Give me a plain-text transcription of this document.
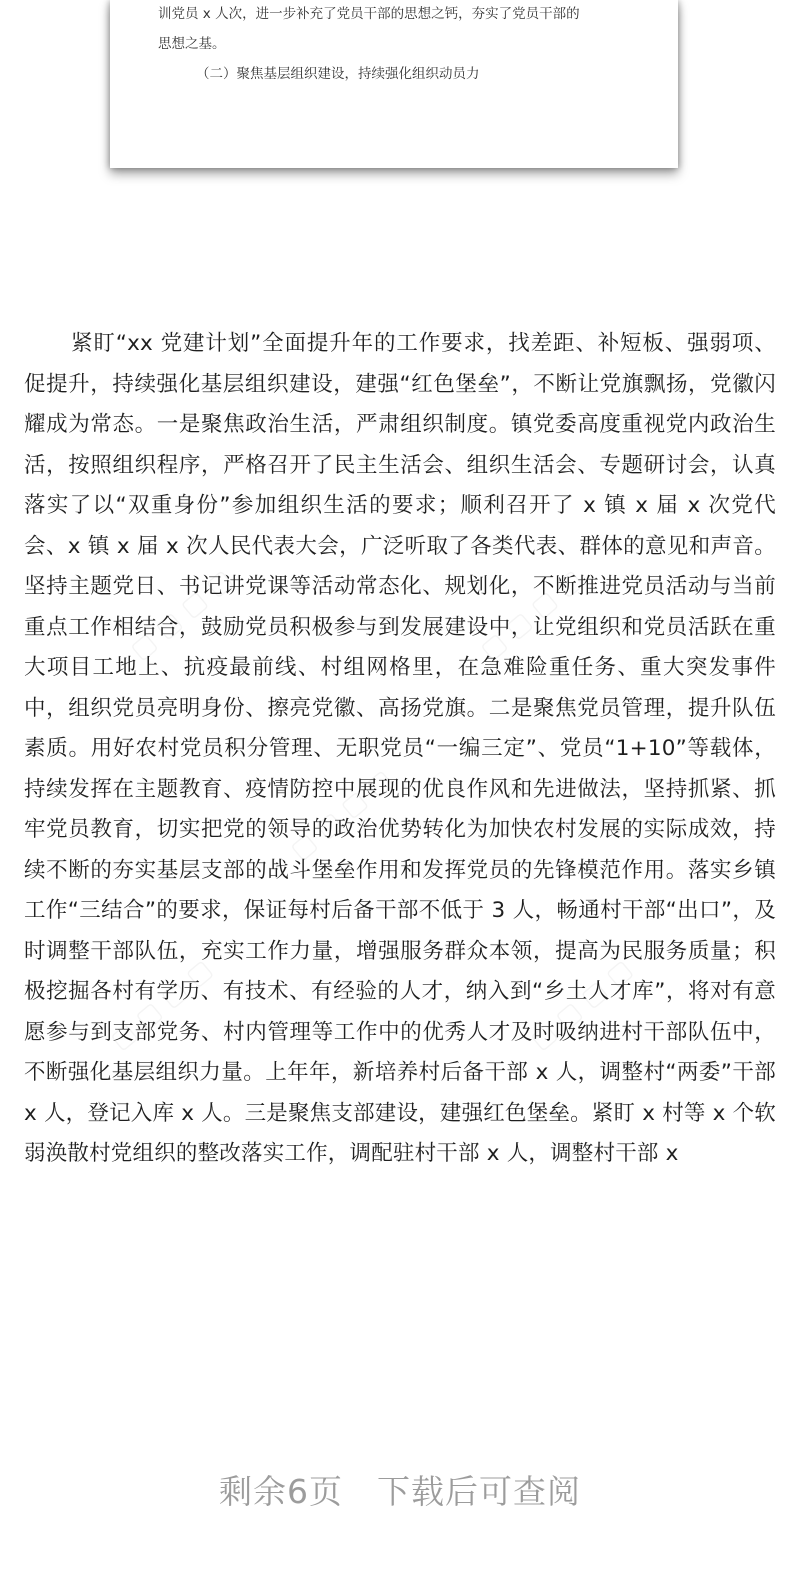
训党员 x 人次，进一步补充了党员干部的思想之钙，夯实了党员干部的
思想之基。
（二）聚焦基层组织建设，持续强化组织动员力

紧盯“xx 党建计划”全面提升年的工作要求，找差距、补短板、强弱项、促提升，持续强化基层组织建设，建强“红色堡垒”，不断让党旗飘扬，党徽闪耀成为常态。一是聚焦政治生活，严肃组织制度。镇党委高度重视党内政治生活，按照组织程序，严格召开了民主生活会、组织生活会、专题研讨会，认真落实了以“双重身份”参加组织生活的要求；顺利召开了 x 镇 x 届 x 次党代会、x 镇 x 届 x 次人民代表大会，广泛听取了各类代表、群体的意见和声音。坚持主题党日、书记讲党课等活动常态化、规划化，不断推进党员活动与当前重点工作相结合，鼓励党员积极参与到发展建设中，让党组织和党员活跃在重大项目工地上、抗疫最前线、村组网格里，在急难险重任务、重大突发事件中，组织党员亮明身份、擦亮党徽、高扬党旗。二是聚焦党员管理，提升队伍素质。用好农村党员积分管理、无职党员“一编三定”、党员“1+10”等载体，持续发挥在主题教育、疫情防控中展现的优良作风和先进做法，坚持抓紧、抓牢党员教育，切实把党的领导的政治优势转化为加快农村发展的实际成效，持续不断的夯实基层支部的战斗堡垒作用和发挥党员的先锋模范作用。落实乡镇工作“三结合”的要求，保证每村后备干部不低于 3 人，畅通村干部“出口”，及时调整干部队伍，充实工作力量，增强服务群众本领，提高为民服务质量；积极挖掘各村有学历、有技术、有经验的人才，纳入到“乡土人才库”，将对有意愿参与到支部党务、村内管理等工作中的优秀人才及时吸纳进村干部队伍中，不断强化基层组织力量。上年年，新培养村后备干部 x 人，调整村“两委”干部 x 人，登记入库 x 人。三是聚焦支部建设，建强红色堡垒。紧盯 x 村等 x 个软弱涣散村党组织的整改落实工作，调配驻村干部 x 人，调整村干部 x

剩余6页 下载后可查阅
